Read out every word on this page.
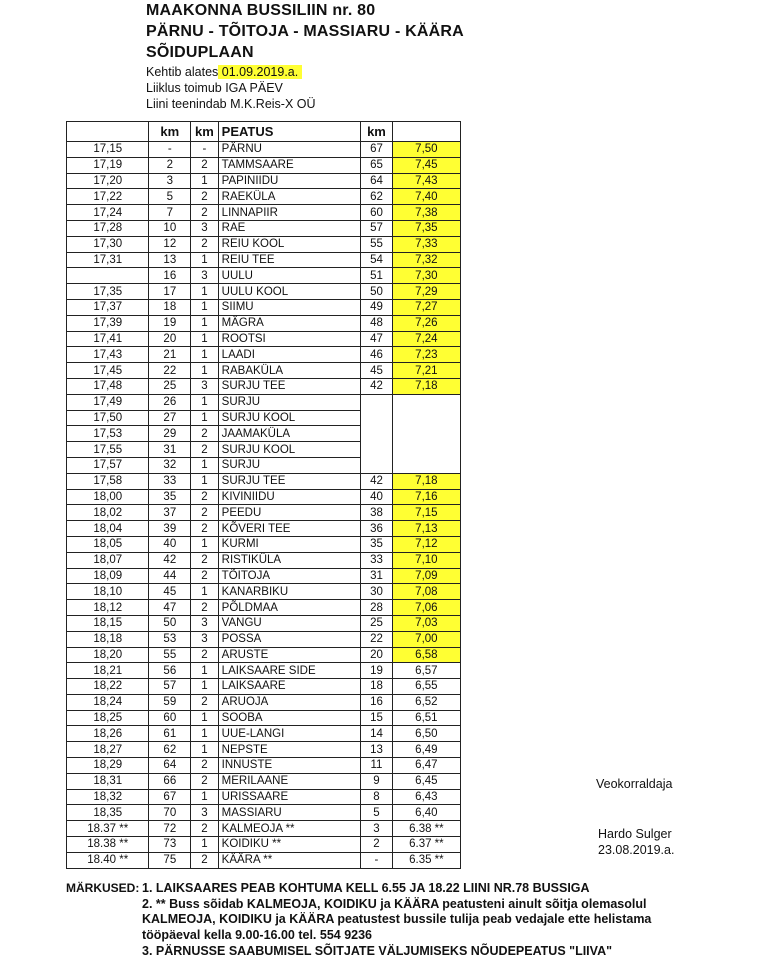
MAAKONNA BUSSILIIN nr. 80
PÄRNU - TÕITOJA - MASSIARU - KÄÄRA
SÕIDUPLAAN
Kehtib alates 01.09.2019.a.
Liiklus toimub IGA PÄEV
Liini teenindab M.K.Reis-X OÜ
	km	km	PEATUS	km	
17,15	-	-	PÄRNU	67	7,50
17,19	2	2	TAMMSAARE	65	7,45
17,20	3	1	PAPINIIDU	64	7,43
17,22	5	2	RAEKÜLA	62	7,40
17,24	7	2	LINNAPIIR	60	7,38
17,28	10	3	RAE	57	7,35
17,30	12	2	REIU KOOL	55	7,33
17,31	13	1	REIU TEE	54	7,32
	16	3	UULU	51	7,30
17,35	17	1	UULU KOOL	50	7,29
17,37	18	1	SIIMU	49	7,27
17,39	19	1	MÄGRA	48	7,26
17,41	20	1	ROOTSI	47	7,24
17,43	21	1	LAADI	46	7,23
17,45	22	1	RABAKÜLA	45	7,21
17,48	25	3	SURJU TEE	42	7,18
17,49	26	1	SURJU		
17,50	27	1	SURJU KOOL		
17,53	29	2	JAAMAKÜLA		
17,55	31	2	SURJU KOOL		
17,57	32	1	SURJU		
17,58	33	1	SURJU TEE	42	7,18
18,00	35	2	KIVINIIDU	40	7,16
18,02	37	2	PEEDU	38	7,15
18,04	39	2	KÕVERI TEE	36	7,13
18,05	40	1	KURMI	35	7,12
18,07	42	2	RISTIKÜLA	33	7,10
18,09	44	2	TÕITOJA	31	7,09
18,10	45	1	KANARBIKU	30	7,08
18,12	47	2	PÕLDMAA	28	7,06
18,15	50	3	VANGU	25	7,03
18,18	53	3	POSSA	22	7,00
18,20	55	2	ARUSTE	20	6,58
18,21	56	1	LAIKSAARE SIDE	19	6,57
18,22	57	1	LAIKSAARE	18	6,55
18,24	59	2	ARUOJA	16	6,52
18,25	60	1	SOOBA	15	6,51
18,26	61	1	UUE-LANGI	14	6,50
18,27	62	1	NEPSTE	13	6,49
18,29	64	2	INNUSTE	11	6,47
18,31	66	2	MERILAANE	9	6,45
18,32	67	1	URISSAARE	8	6,43
18,35	70	3	MASSIARU	5	6,40
18.37 **	72	2	KALMEOJA **	3	6.38 **
18.38 **	73	1	KOIDIKU **	2	6.37 **
18.40 **	75	2	KÄÄRA **	-	6.35 **
Veokorraldaja
Hardo Sulger
23.08.2019.a.
MÄRKUSED: 1. LAIKSAARES PEAB KOHTUMA KELL 6.55 JA 18.22 LIINI NR.78 BUSSIGA
2. ** Buss sõidab KALMEOJA, KOIDIKU ja KÄÄRA peatusteni ainult sõitja olemasolul
KALMEOJA, KOIDIKU ja KÄÄRA peatustest bussile tulija peab vedajale ette helistama
tööpäeval kella 9.00-16.00 tel. 554 9236
3. PÄRNUSSE SAABUMISEL SÕITJATE VÄLJUMISEKS NÕUDEPEATUS "LIIVA"
